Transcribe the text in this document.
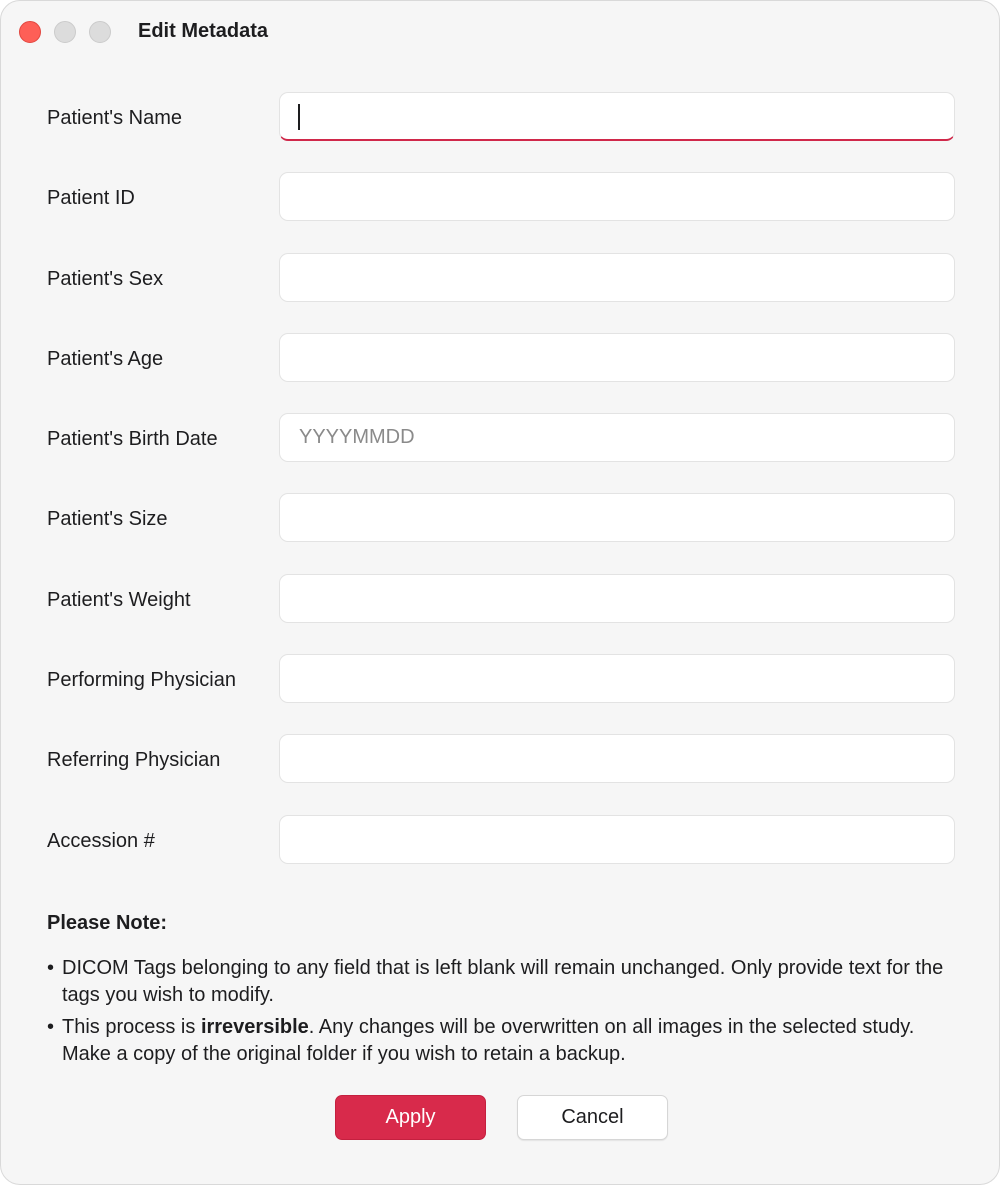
Edit Metadata
Patient's Name
Patient ID
Patient's Sex
Patient's Age
Patient's Birth Date
YYYYMMDD
Patient's Size
Patient's Weight
Performing Physician
Referring Physician
Accession #
Please Note:
• DICOM Tags belonging to any field that is left blank will remain unchanged. Only provide text for the tags you wish to modify.
• This process is irreversible. Any changes will be overwritten on all images in the selected study. Make a copy of the original folder if you wish to retain a backup.
Apply	Cancel
